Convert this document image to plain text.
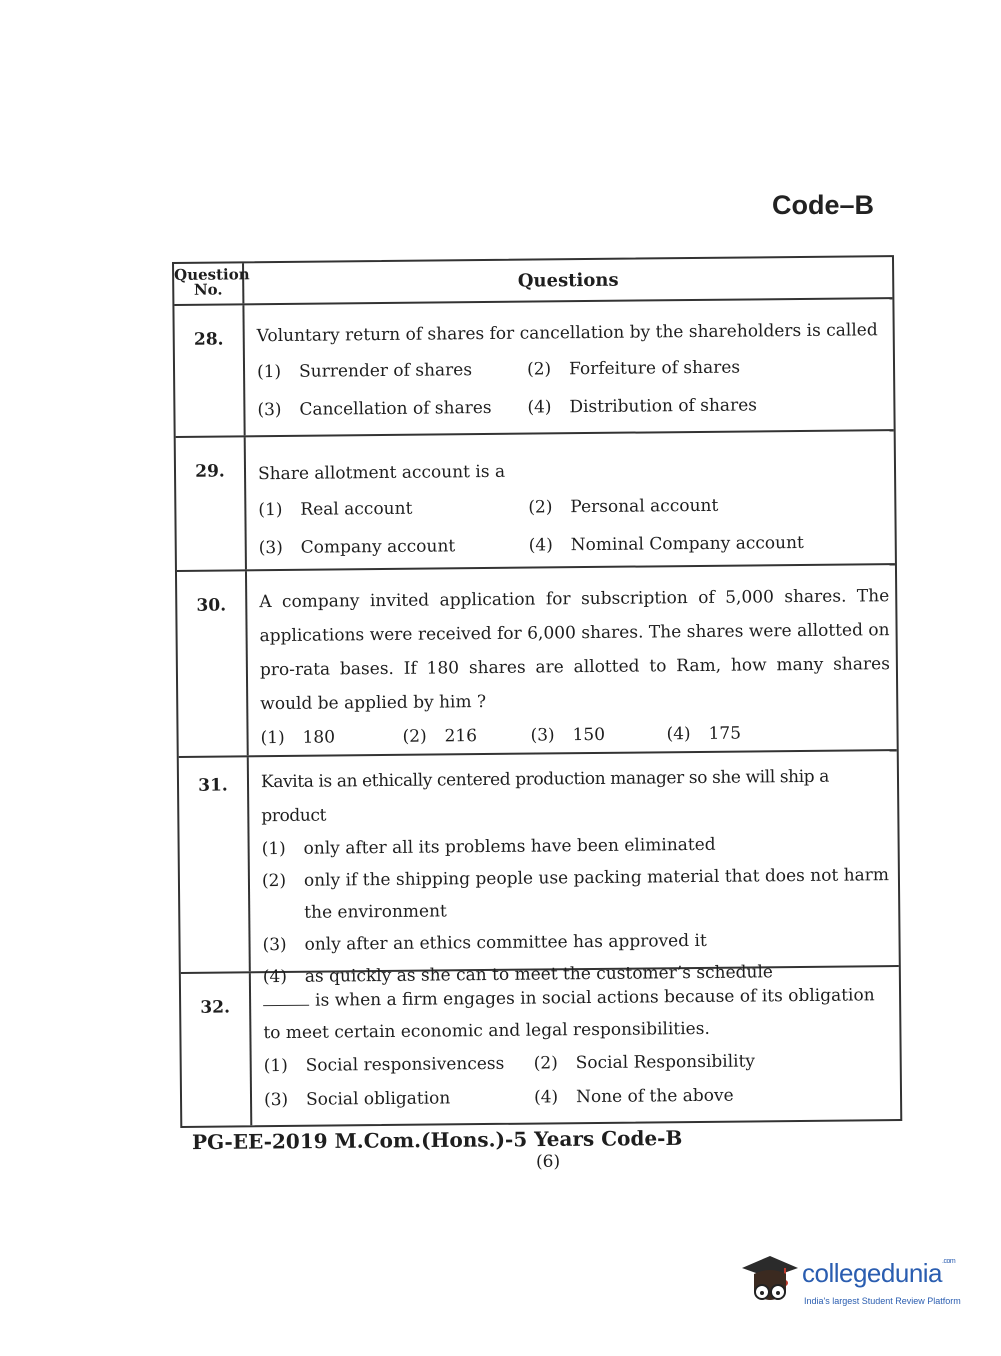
Code–B
Question No.	Questions
28.	Voluntary return of shares for cancellation by the shareholders is called

(1)	Surrender of shares	(2)	Forfeiture of shares
(3)	Cancellation of shares (4)	Distribution of shares
29.	Share allotment account is a

(1)	Real account	(2)	Personal account
(3)	Company account	(4)	Nominal Company account
30.	A company invited application for subscription of 5,000 shares. The applications were received for 6,000 shares. The shares were allotted on pro-rata bases. If 180 shares are allotted to Ram, how many shares would be applied by him ?

(1)	180	(2)	216	(3)	150	(4)	175
31.	Kavita is an ethically centered production manager so she will ship a product

(1)	only after all its problems have been eliminated
(2)	only if the shipping people use packing material that does not harm the environment
(3)	only after an ethics committee has approved it
(4)	as quickly as she can to meet the customer’s schedule
32.	is when a firm engages in social actions because of its obligation to meet certain economic and legal responsibilities.

(1)	Social responsivencess (2)	Social Responsibility
(3)	Social obligation	(4)	None of the above
PG-EE-2019 M.Com.(Hons.)-5 Years Code-B
(6)
collegedunia$^{.com}$
India's largest Student Review Platform
